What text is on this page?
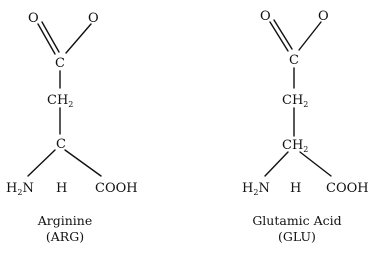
O	O
C
$CH_2$
C
$H_2N$ H COOH
Arginine
(ARG)
O	O
C
$CH_2$
$CH_2$
$H_2N$ H COOH
Glutamic Acid
(GLU)
